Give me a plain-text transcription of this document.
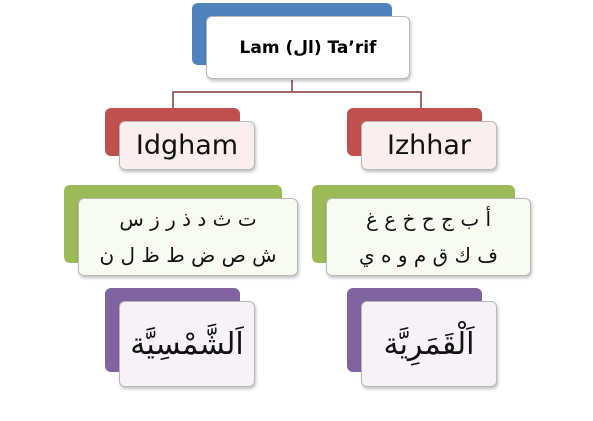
Lam (ال) Ta’rif
Idgham
ت ث د ذ ر ز س
ش ص ض ط ظ ل ن
اَلشَّمْسِيَّة
Izhhar
أ ب ج ح خ ع غ
ف ك ق م و ه ي
اَلْقَمَرِيَّة
